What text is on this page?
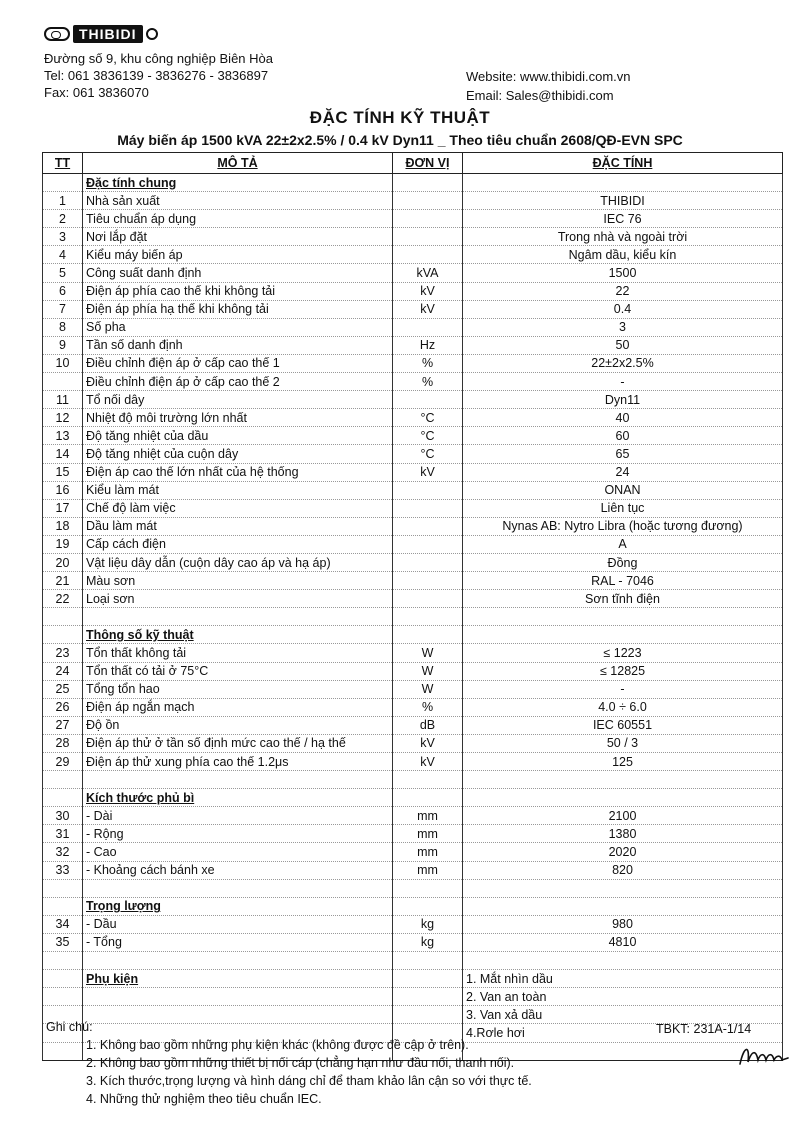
THIBIDI
Đường số 9, khu công nghiệp Biên Hòa
Tel: 061 3836139 - 3836276 - 3836897
Fax: 061 3836070
Website: www.thibidi.com.vn
Email: Sales@thibidi.com
ĐẶC TÍNH KỸ THUẬT
Máy biến áp 1500 kVA 22±2x2.5% / 0.4 kV Dyn11 _ Theo tiêu chuẩn 2608/QĐ-EVN SPC
TT	MÔ TẢ	ĐƠN VỊ	ĐẶC TÍNH
	Đặc tính chung		
1	Nhà sản xuất		THIBIDI
2	Tiêu chuẩn áp dụng		IEC 76
3	Nơi lắp đặt		Trong nhà và ngoài trời
4	Kiểu máy biến áp		Ngâm dầu, kiểu kín
5	Công suất danh định	kVA	1500
6	Điện áp phía cao thế khi không tải	kV	22
7	Điện áp phía hạ thế khi không tải	kV	0.4
8	Số pha		3
9	Tần số danh định	Hz	50
10	Điều chỉnh điện áp ở cấp cao thế 1	%	22±2x2.5%
	Điều chỉnh điện áp ở cấp cao thế 2	%	-
11	Tổ nối dây		Dyn11
12	Nhiệt độ môi trường lớn nhất	°C	40
13	Độ tăng nhiệt của dầu	°C	60
14	Độ tăng nhiệt của cuộn dây	°C	65
15	Điện áp cao thế lớn nhất của hệ thống	kV	24
16	Kiểu làm mát		ONAN
17	Chế độ làm việc		Liên tục
18	Dầu làm mát		Nynas AB: Nytro Libra (hoặc tương đương)
19	Cấp cách điện		A
20	Vật liệu dây dẫn (cuộn dây cao áp và hạ áp)		Đồng
21	Màu sơn		RAL - 7046
22	Loại sơn		Sơn tĩnh điện

	Thông số kỹ thuật		
23	Tổn thất không tải	W	≤ 1223
24	Tổn thất có tải ở 75°C	W	≤ 12825
25	Tổng tổn hao	W	-
26	Điện áp ngắn mạch	%	4.0 ÷ 6.0
27	Độ ồn	dB	IEC 60551
28	Điện áp thử ở tần số định mức cao thế / hạ thế	kV	50 / 3
29	Điện áp thử xung phía cao thế 1.2μs	kV	125

	Kích thước phủ bì		
30	- Dài	mm	2100
31	- Rộng	mm	1380
32	- Cao	mm	2020
33	- Khoảng cách bánh xe	mm	820

	Trọng lượng		
34	- Dầu	kg	980
35	- Tổng	kg	4810

	Phụ kiện		1. Mắt nhìn dầu
			2. Van an toàn
			3. Van xả dầu
			4.Rơle hơi

Ghi chú:	TBKT: 231A-1/14
1. Không bao gồm những phụ kiện khác (không được đề cập ở trên).
2. Không bao gồm những thiết bị nối cáp (chẳng hạn như đầu nối, thanh nối).
3. Kích thước,trọng lượng và hình dáng chỉ để tham khảo lân cận so với thực tế.
4. Những thử nghiệm theo tiêu chuẩn IEC.
